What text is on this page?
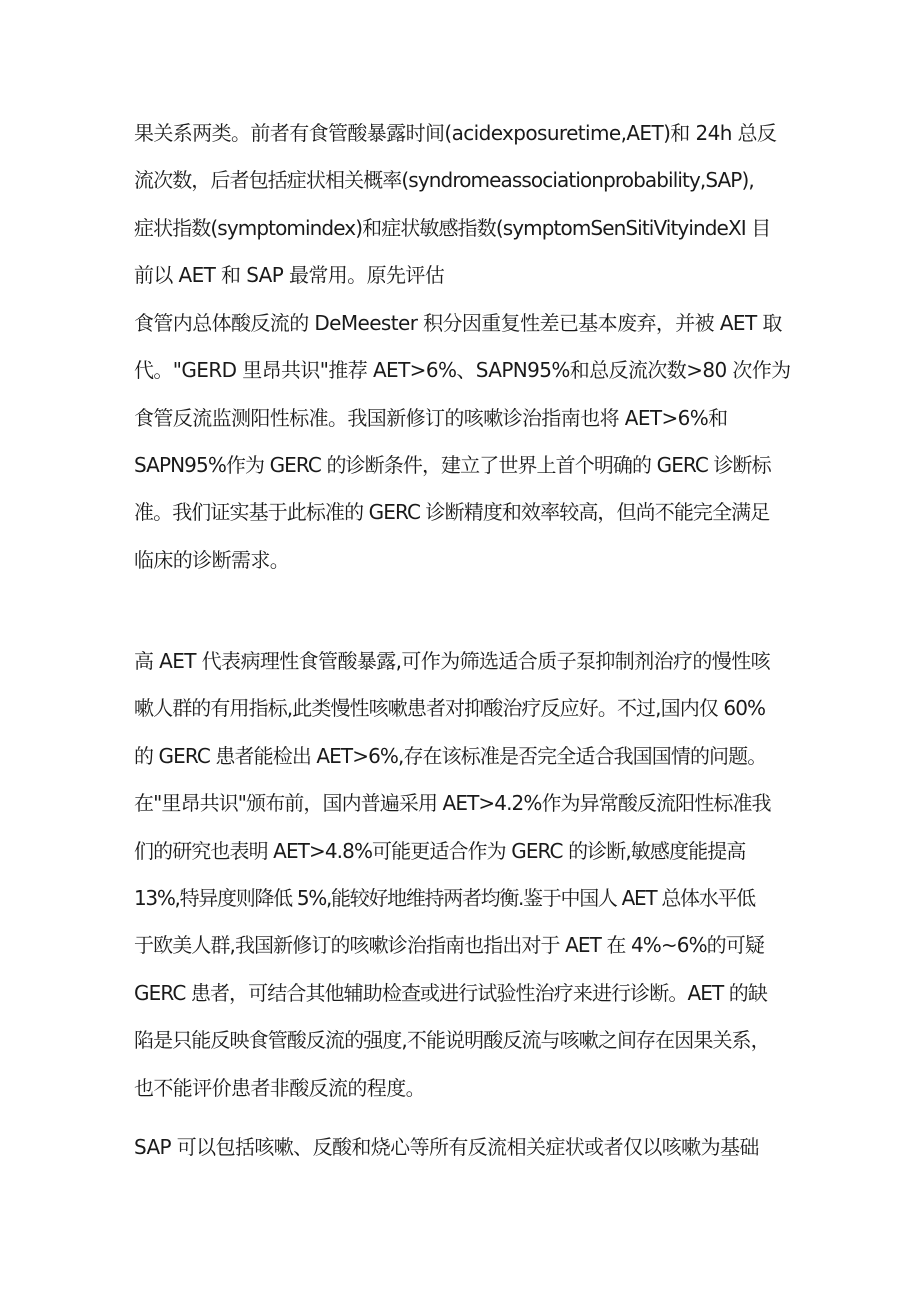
果关系两类。前者有食管酸暴露时间(acidexposuretime,AET)和 24h 总反
流次数，后者包括症状相关概率(syndromeassociationprobability,SAP),
症状指数(symptomindex)和症状敏感指数(symptomSenSitiVityindeXI 目
前以 AET 和 SAP 最常用。原先评估
食管内总体酸反流的 DeMeester 积分因重复性差已基本废弃，并被 AET 取
代。"GERD 里昂共识"推荐 AET>6%、SAPN95%和总反流次数>80 次作为
食管反流监测阳性标准。我国新修订的咳嗽诊治指南也将 AET>6%和
SAPN95%作为 GERC 的诊断条件，建立了世界上首个明确的 GERC 诊断标
准。我们证实基于此标准的 GERC 诊断精度和效率较高，但尚不能完全满足
临床的诊断需求。
高 AET 代表病理性食管酸暴露,可作为筛选适合质子泵抑制剂治疗的慢性咳
嗽人群的有用指标,此类慢性咳嗽患者对抑酸治疗反应好。不过,国内仅 60%
的 GERC 患者能检出 AET>6%,存在该标准是否完全适合我国国情的问题。
在"里昂共识"颁布前，国内普遍采用 AET>4.2%作为异常酸反流阳性标准我
们的研究也表明 AET>4.8%可能更适合作为 GERC 的诊断,敏感度能提高
13%,特异度则降低 5%,能较好地维持两者均衡.鉴于中国人 AET 总体水平低
于欧美人群,我国新修订的咳嗽诊治指南也指出对于 AET 在 4%~6%的可疑
GERC 患者，可结合其他辅助检查或进行试验性治疗来进行诊断。AET 的缺
陷是只能反映食管酸反流的强度,不能说明酸反流与咳嗽之间存在因果关系，
也不能评价患者非酸反流的程度。
SAP 可以包括咳嗽、反酸和烧心等所有反流相关症状或者仅以咳嗽为基础
